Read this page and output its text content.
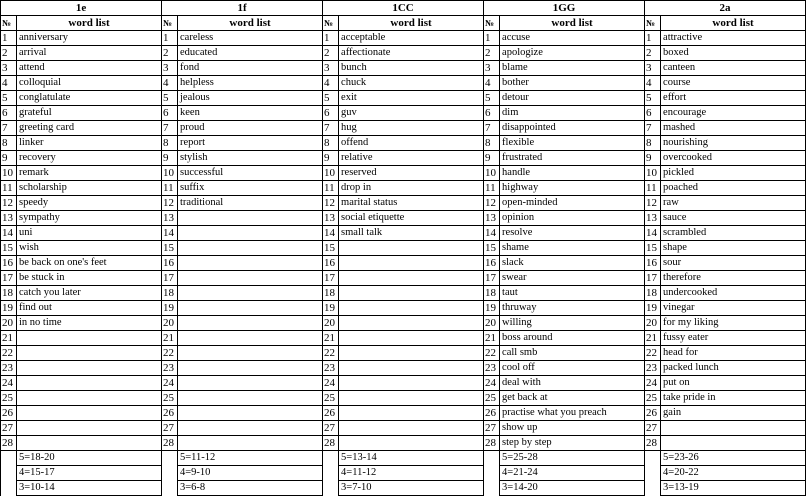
1e		1f		1CC		1GG		2a	
№	word list	№	word list	№	word list	№	word list	№	word list
1	anniversary	1	careless	1	acceptable	1	accuse	1	attractive
2	arrival	2	educated	2	affectionate	2	apologize	2	boxed
3	attend	3	fond	3	bunch	3	blame	3	canteen
4	colloquial	4	helpless	4	chuck	4	bother	4	course
5	conglatulate	5	jealous	5	exit	5	detour	5	effort
6	grateful	6	keen	6	guv	6	dim	6	encourage
7	greeting card	7	proud	7	hug	7	disappointed	7	mashed
8	linker	8	report	8	offend	8	flexible	8	nourishing
9	recovery	9	stylish	9	relative	9	frustrated	9	overcooked
10	remark	10	successful	10	reserved	10	handle	10	pickled
11	scholarship	11	suffix	11	drop in	11	highway	11	poached
12	speedy	12	traditional	12	marital status	12	open-minded	12	raw
13	sympathy	13		13	social etiquette	13	opinion	13	sauce
14	uni	14		14	small talk	14	resolve	14	scrambled
15	wish	15		15		15	shame	15	shape
16	be back on one's feet	16		16		16	slack	16	sour
17	be stuck in	17		17		17	swear	17	therefore
18	catch you later	18		18		18	taut	18	undercooked
19	find out	19		19		19	thruway	19	vinegar
20	in no time	20		20		20	willing	20	for my liking
21		21		21		21	boss around	21	fussy eater
22		22		22		22	call smb	22	head for
23		23		23		23	cool off	23	packed lunch
24		24		24		24	deal with	24	put on
25		25		25		25	get back at	25	take pride in
26		26		26		26	practise what you preach	26	gain
27		27		27		27	show up	27	
28		28		28		28	step by step	28	
	5=18-20		5=11-12		5=13-14		5=25-28		5=23-26
	4=15-17		4=9-10		4=11-12		4=21-24		4=20-22
	3=10-14		3=6-8		3=7-10		3=14-20		3=13-19
